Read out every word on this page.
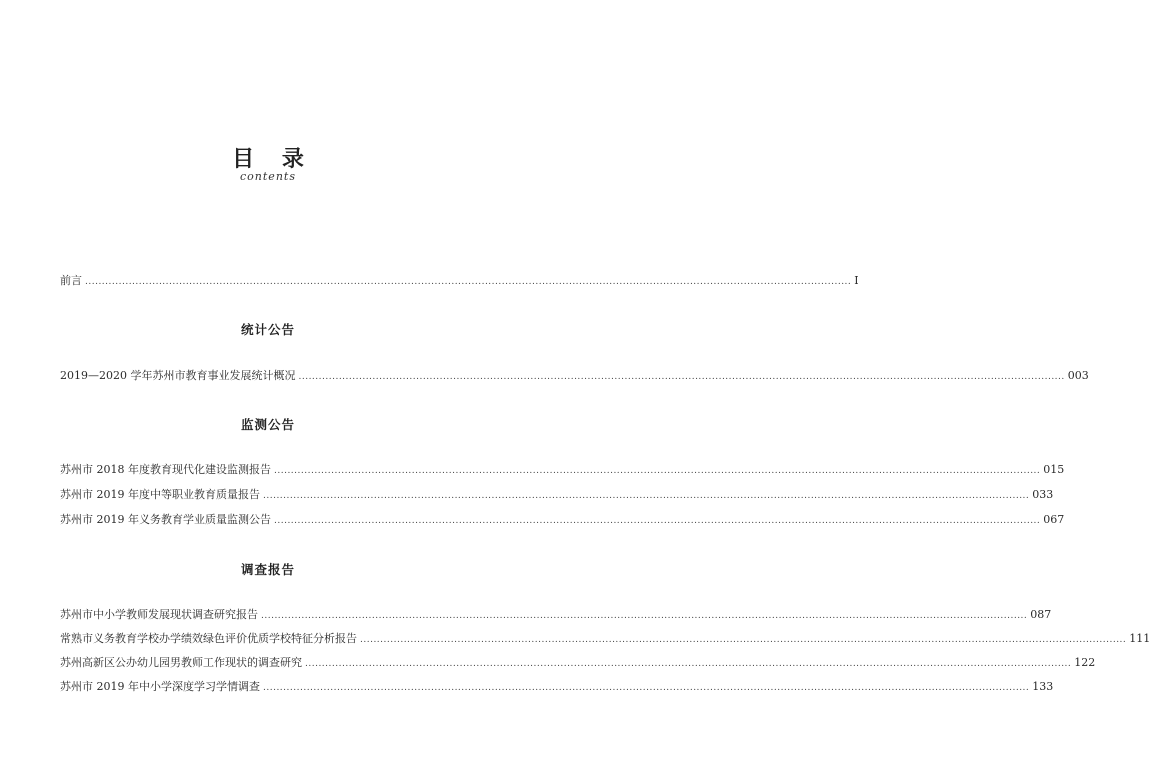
目 录
contents
前言 .................................................................................................................................................................................................................................... Ⅰ
统计公告
2019—2020 学年苏州市教育事业发展统计概况 .................................................................................................................................................................................................................................... 003
监测公告
苏州市 2018 年度教育现代化建设监测报告 .................................................................................................................................................................................................................................... 015
苏州市 2019 年度中等职业教育质量报告 .................................................................................................................................................................................................................................... 033
苏州市 2019 年义务教育学业质量监测公告 .................................................................................................................................................................................................................................... 067
调查报告
苏州市中小学教师发展现状调查研究报告 .................................................................................................................................................................................................................................... 087
常熟市义务教育学校办学绩效绿色评价优质学校特征分析报告 .................................................................................................................................................................................................................................... 111
苏州高新区公办幼儿园男教师工作现状的调查研究 .................................................................................................................................................................................................................................... 122
苏州市 2019 年中小学深度学习学情调查 .................................................................................................................................................................................................................................... 133
